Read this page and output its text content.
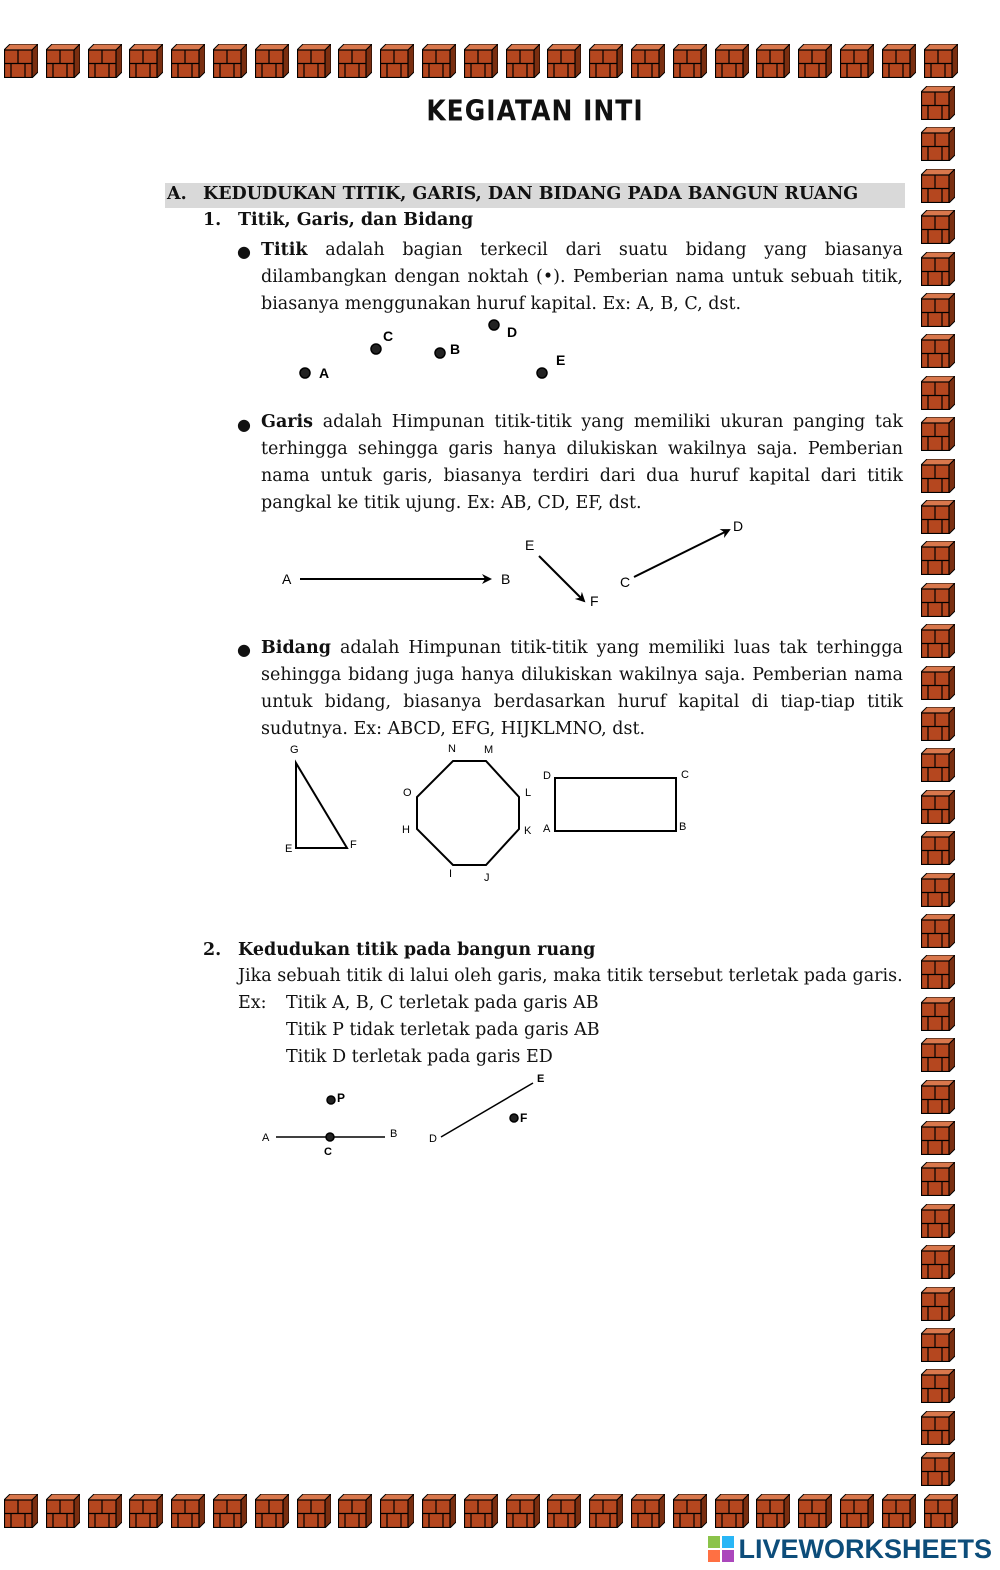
KEGIATAN INTI
A. KEDUDUKAN TITIK, GARIS, DAN BIDANG PADA BANGUN RUANG
1. Titik, Garis, dan Bidang
● Titik adalah bagian terkecil dari suatu bidang yang biasanya dilambangkan dengan noktah (•). Pemberian nama untuk sebuah titik, biasanya menggunakan huruf kapital. Ex: A, B, C, dst.
A
C
B
D
E
● Garis adalah Himpunan titik-titik yang memiliki ukuran panging tak terhingga sehingga garis hanya dilukiskan wakilnya saja. Pemberian nama untuk garis, biasanya terdiri dari dua huruf kapital dari titik pangkal ke titik ujung. Ex: AB, CD, EF, dst.
A	B
E
F
C
D
● Bidang adalah Himpunan titik-titik yang memiliki luas tak terhingga sehingga bidang juga hanya dilukiskan wakilnya saja. Pemberian nama untuk bidang, biasanya berdasarkan huruf kapital di tiap-tiap titik sudutnya. Ex: ABCD, EFG, HIJKLMNO, dst.
G
E	F
N	M
O	L
H	K
I	J
D	C
A	B
2. Kedudukan titik pada bangun ruang
Jika sebuah titik di lalui oleh garis, maka titik tersebut terletak pada garis.
Ex: Titik A, B, C terletak pada garis AB
Titik P tidak terletak pada garis AB
Titik D terletak pada garis ED
P
A	B
C
E
F
D
LIVEWORKSHEETS
